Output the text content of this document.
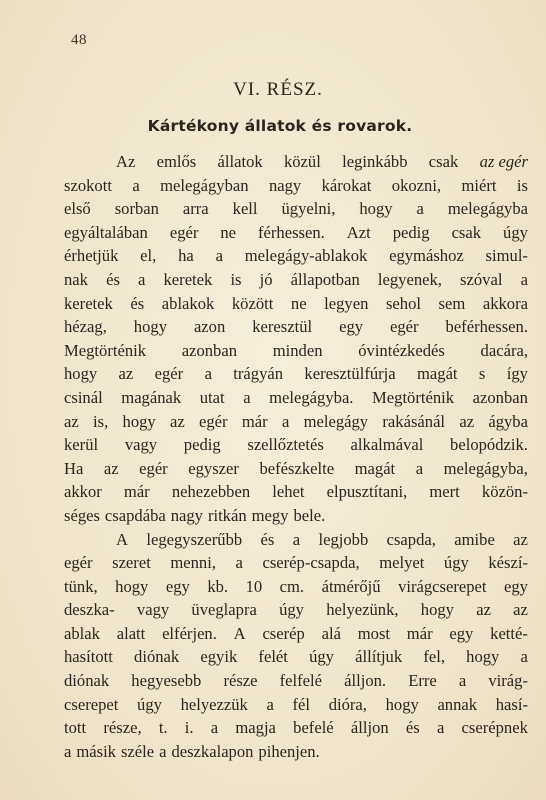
48
VI. RÉSZ.
Kártékony állatok és rovarok.
Az emlős állatok közül leginkább csak az egér
szokott a melegágyban nagy károkat okozni, miért is
első sorban arra kell ügyelni, hogy a melegágyba
egyáltalában egér ne férhessen. Azt pedig csak úgy
érhetjük el, ha a melegágy-ablakok egymáshoz simul-
nak és a keretek is jó állapotban legyenek, szóval a
keretek és ablakok között ne legyen sehol sem akkora
hézag, hogy azon keresztül egy egér beférhessen.
Megtörténik azonban minden óvintézkedés dacára,
hogy az egér a trágyán keresztülfúrja magát s így
csinál magának utat a melegágyba. Megtörténik azonban
az is, hogy az egér már a melegágy rakásánál az ágyba
kerül vagy pedig szellőztetés alkalmával belopódzik.
Ha az egér egyszer befészkelte magát a melegágyba,
akkor már nehezebben lehet elpusztítani, mert közön-
séges csapdába nagy ritkán megy bele.
A legegyszerűbb és a legjobb csapda, amibe az
egér szeret menni, a cserép-csapda, melyet úgy készí-
tünk, hogy egy kb. 10 cm. átmérőjű virágcserepet egy
deszka- vagy üveglapra úgy helyezünk, hogy az az
ablak alatt elférjen. A cserép alá most már egy ketté-
hasított diónak egyik felét úgy állítjuk fel, hogy a
diónak hegyesebb része felfelé álljon. Erre a virág-
cserepet úgy helyezzük a fél dióra, hogy annak hasí-
tott része, t. i. a magja befelé álljon és a cserépnek
a másik széle a deszkalapon pihenjen.
